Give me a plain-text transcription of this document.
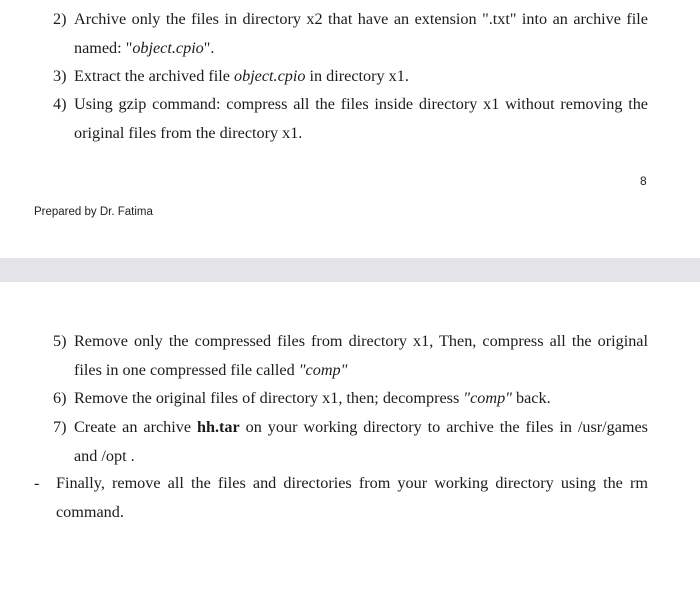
2) Archive only the files in directory x2 that have an extension ".txt" into an archive file named: "object.cpio".
3) Extract the archived file object.cpio in directory x1.
4) Using gzip command: compress all the files inside directory x1 without removing the original files from the directory x1.
8
Prepared by Dr. Fatima
5) Remove only the compressed files from directory x1, Then, compress all the original files in one compressed file called "comp"
6) Remove the original files of directory x1, then; decompress "comp" back.
7) Create an archive hh.tar on your working directory to archive the files in /usr/games and /opt .
- Finally, remove all the files and directories from your working directory using the rm command.
